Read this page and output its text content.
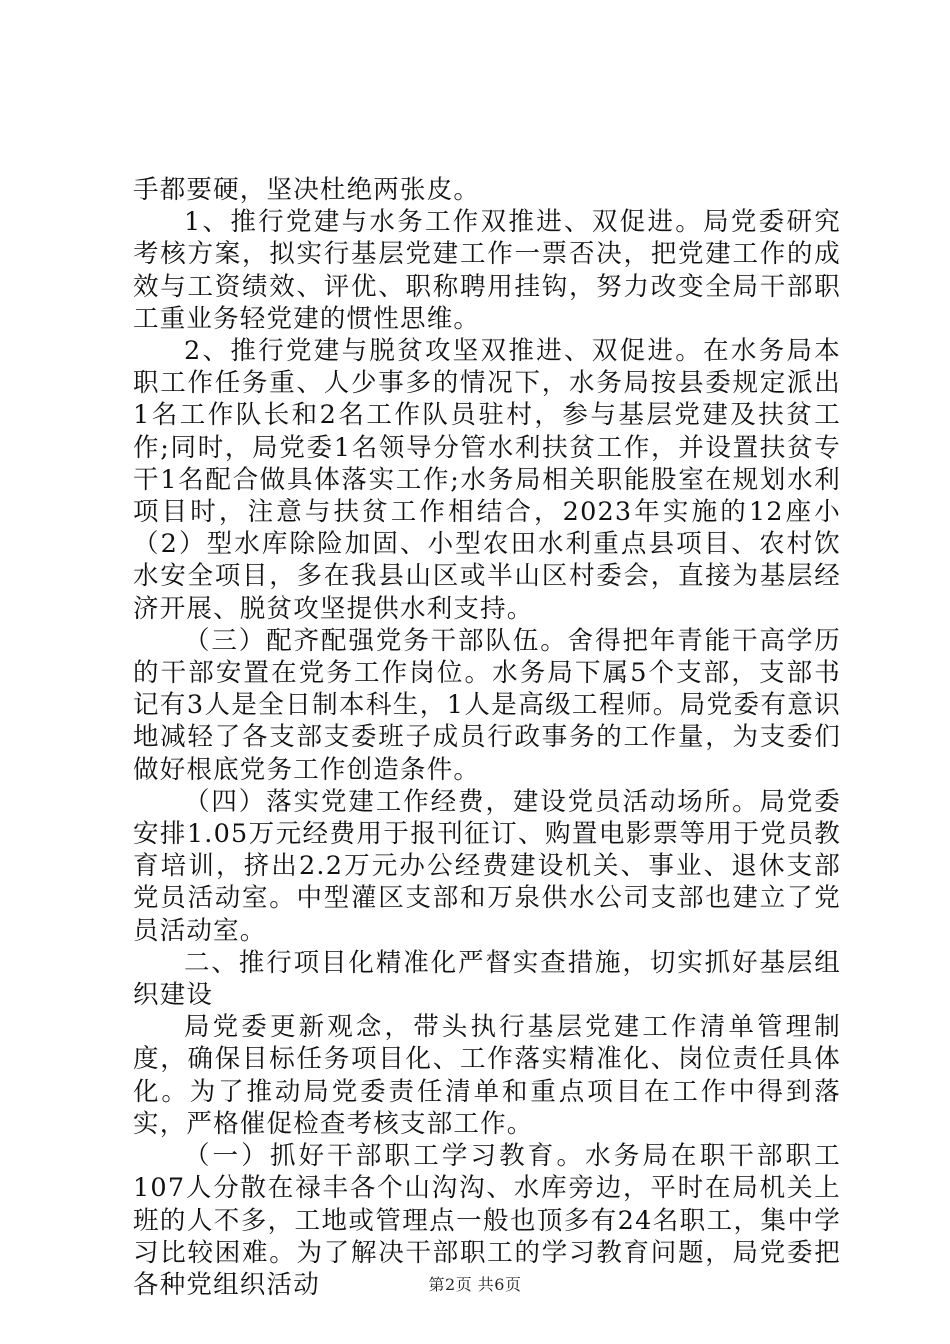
手都要硬，坚决杜绝两张皮。

1、推行党建与水务工作双推进、双促进。局党委研究考核方案，拟实行基层党建工作一票否决，把党建工作的成效与工资绩效、评优、职称聘用挂钩，努力改变全局干部职工重业务轻党建的惯性思维。

2、推行党建与脱贫攻坚双推进、双促进。在水务局本职工作任务重、人少事多的情况下，水务局按县委规定派出1名工作队长和2名工作队员驻村，参与基层党建及扶贫工作;同时，局党委1名领导分管水利扶贫工作，并设置扶贫专干1名配合做具体落实工作;水务局相关职能股室在规划水利项目时，注意与扶贫工作相结合，2023年实施的12座小（2）型水库除险加固、小型农田水利重点县项目、农村饮水安全项目，多在我县山区或半山区村委会，直接为基层经济开展、脱贫攻坚提供水利支持。

（三）配齐配强党务干部队伍。舍得把年青能干高学历的干部安置在党务工作岗位。水务局下属5个支部，支部书记有3人是全日制本科生，1人是高级工程师。局党委有意识地减轻了各支部支委班子成员行政事务的工作量，为支委们做好根底党务工作创造条件。

（四）落实党建工作经费，建设党员活动场所。局党委安排1.05万元经费用于报刊征订、购置电影票等用于党员教育培训，挤出2.2万元办公经费建设机关、事业、退休支部党员活动室。中型灌区支部和万泉供水公司支部也建立了党员活动室。

二、推行项目化精准化严督实查措施，切实抓好基层组织建设

局党委更新观念，带头执行基层党建工作清单管理制度，确保目标任务项目化、工作落实精准化、岗位责任具体化。为了推动局党委责任清单和重点项目在工作中得到落实，严格催促检查考核支部工作。

（一）抓好干部职工学习教育。水务局在职干部职工107人分散在禄丰各个山沟沟、水库旁边，平时在局机关上班的人不多，工地或管理点一般也顶多有24名职工，集中学习比较困难。为了解决干部职工的学习教育问题，局党委把各种党组织活动	第2页 共6页
